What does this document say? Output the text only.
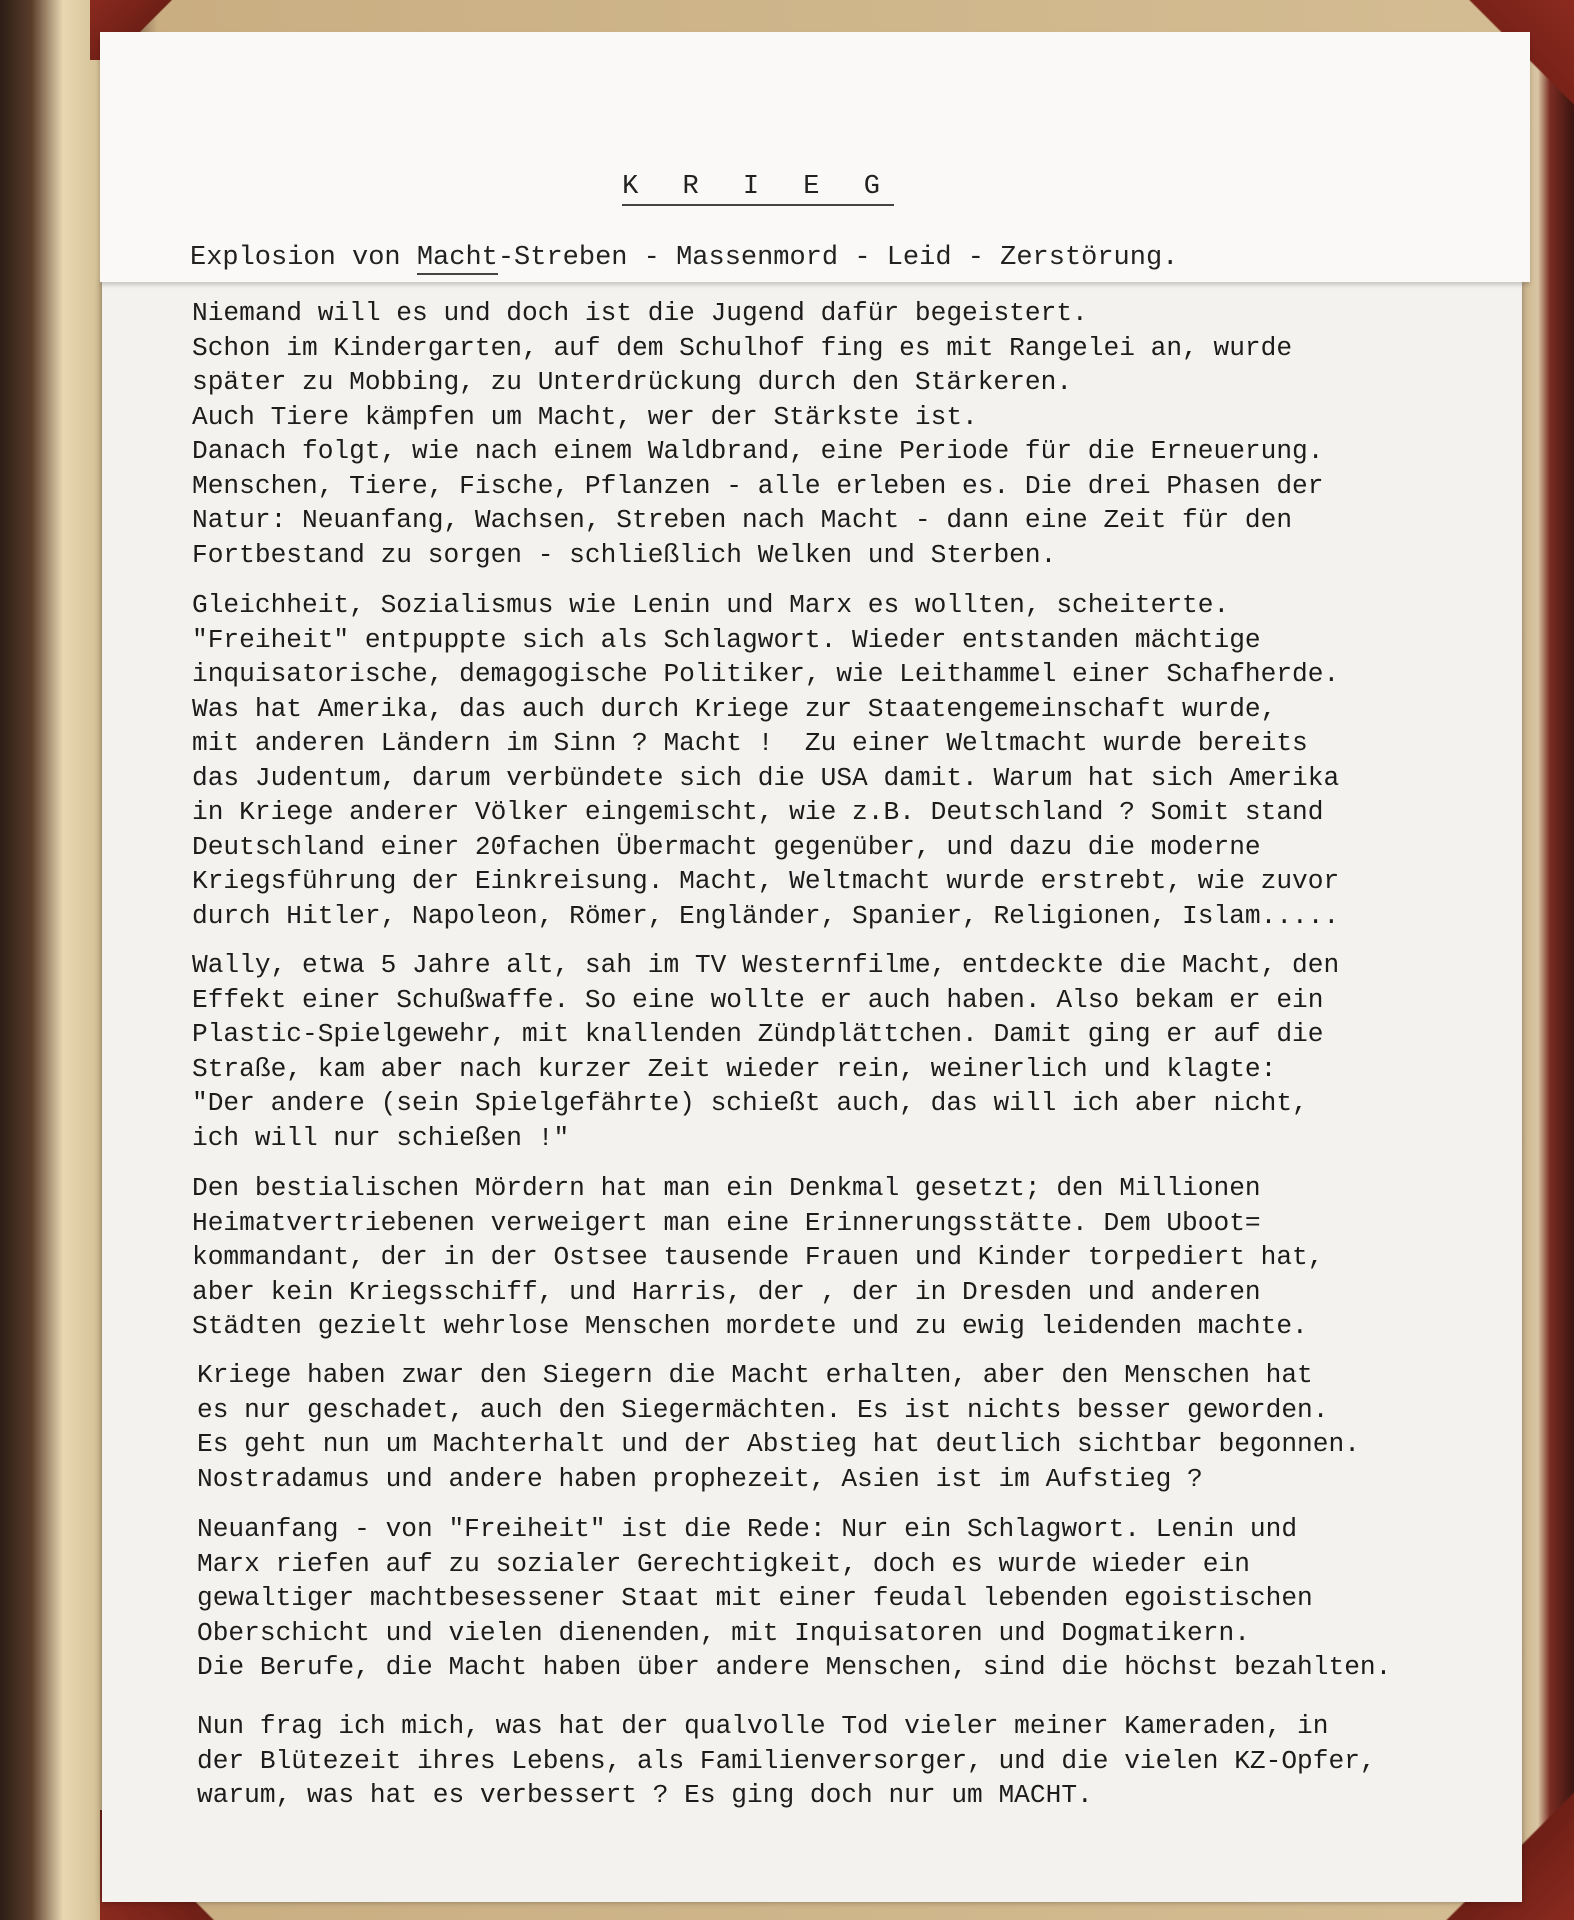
K R I E G
Explosion von Macht-Streben - Massenmord - Leid - Zerstörung.
Niemand will es und doch ist die Jugend dafür begeistert.
Schon im Kindergarten, auf dem Schulhof fing es mit Rangelei an, wurde
später zu Mobbing, zu Unterdrückung durch den Stärkeren.
Auch Tiere kämpfen um Macht, wer der Stärkste ist.
Danach folgt, wie nach einem Waldbrand, eine Periode für die Erneuerung.
Menschen, Tiere, Fische, Pflanzen - alle erleben es. Die drei Phasen der
Natur: Neuanfang, Wachsen, Streben nach Macht - dann eine Zeit für den
Fortbestand zu sorgen - schließlich Welken und Sterben.
Gleichheit, Sozialismus wie Lenin und Marx es wollten, scheiterte.
"Freiheit" entpuppte sich als Schlagwort. Wieder entstanden mächtige
inquisatorische, demagogische Politiker, wie Leithammel einer Schafherde.
Was hat Amerika, das auch durch Kriege zur Staatengemeinschaft wurde,
mit anderen Ländern im Sinn ? Macht !  Zu einer Weltmacht wurde bereits
das Judentum, darum verbündete sich die USA damit. Warum hat sich Amerika
in Kriege anderer Völker eingemischt, wie z.B. Deutschland ? Somit stand
Deutschland einer 20fachen Übermacht gegenüber, und dazu die moderne
Kriegsführung der Einkreisung. Macht, Weltmacht wurde erstrebt, wie zuvor
durch Hitler, Napoleon, Römer, Engländer, Spanier, Religionen, Islam.....
Wally, etwa 5 Jahre alt, sah im TV Westernfilme, entdeckte die Macht, den
Effekt einer Schußwaffe. So eine wollte er auch haben. Also bekam er ein
Plastic-Spielgewehr, mit knallenden Zündplättchen. Damit ging er auf die
Straße, kam aber nach kurzer Zeit wieder rein, weinerlich und klagte:
"Der andere (sein Spielgefährte) schießt auch, das will ich aber nicht,
ich will nur schießen !"
Den bestialischen Mördern hat man ein Denkmal gesetzt; den Millionen
Heimatvertriebenen verweigert man eine Erinnerungsstätte. Dem Uboot=
kommandant, der in der Ostsee tausende Frauen und Kinder torpediert hat,
aber kein Kriegsschiff, und Harris, der , der in Dresden und anderen
Städten gezielt wehrlose Menschen mordete und zu ewig leidenden machte.
Kriege haben zwar den Siegern die Macht erhalten, aber den Menschen hat
es nur geschadet, auch den Siegermächten. Es ist nichts besser geworden.
Es geht nun um Machterhalt und der Abstieg hat deutlich sichtbar begonnen.
Nostradamus und andere haben prophezeit, Asien ist im Aufstieg ?
Neuanfang - von "Freiheit" ist die Rede: Nur ein Schlagwort. Lenin und
Marx riefen auf zu sozialer Gerechtigkeit, doch es wurde wieder ein
gewaltiger machtbesessener Staat mit einer feudal lebenden egoistischen
Oberschicht und vielen dienenden, mit Inquisatoren und Dogmatikern.
Die Berufe, die Macht haben über andere Menschen, sind die höchst bezahlten.
Nun frag ich mich, was hat der qualvolle Tod vieler meiner Kameraden, in
der Blütezeit ihres Lebens, als Familienversorger, und die vielen KZ-Opfer,
warum, was hat es verbessert ? Es ging doch nur um MACHT.
